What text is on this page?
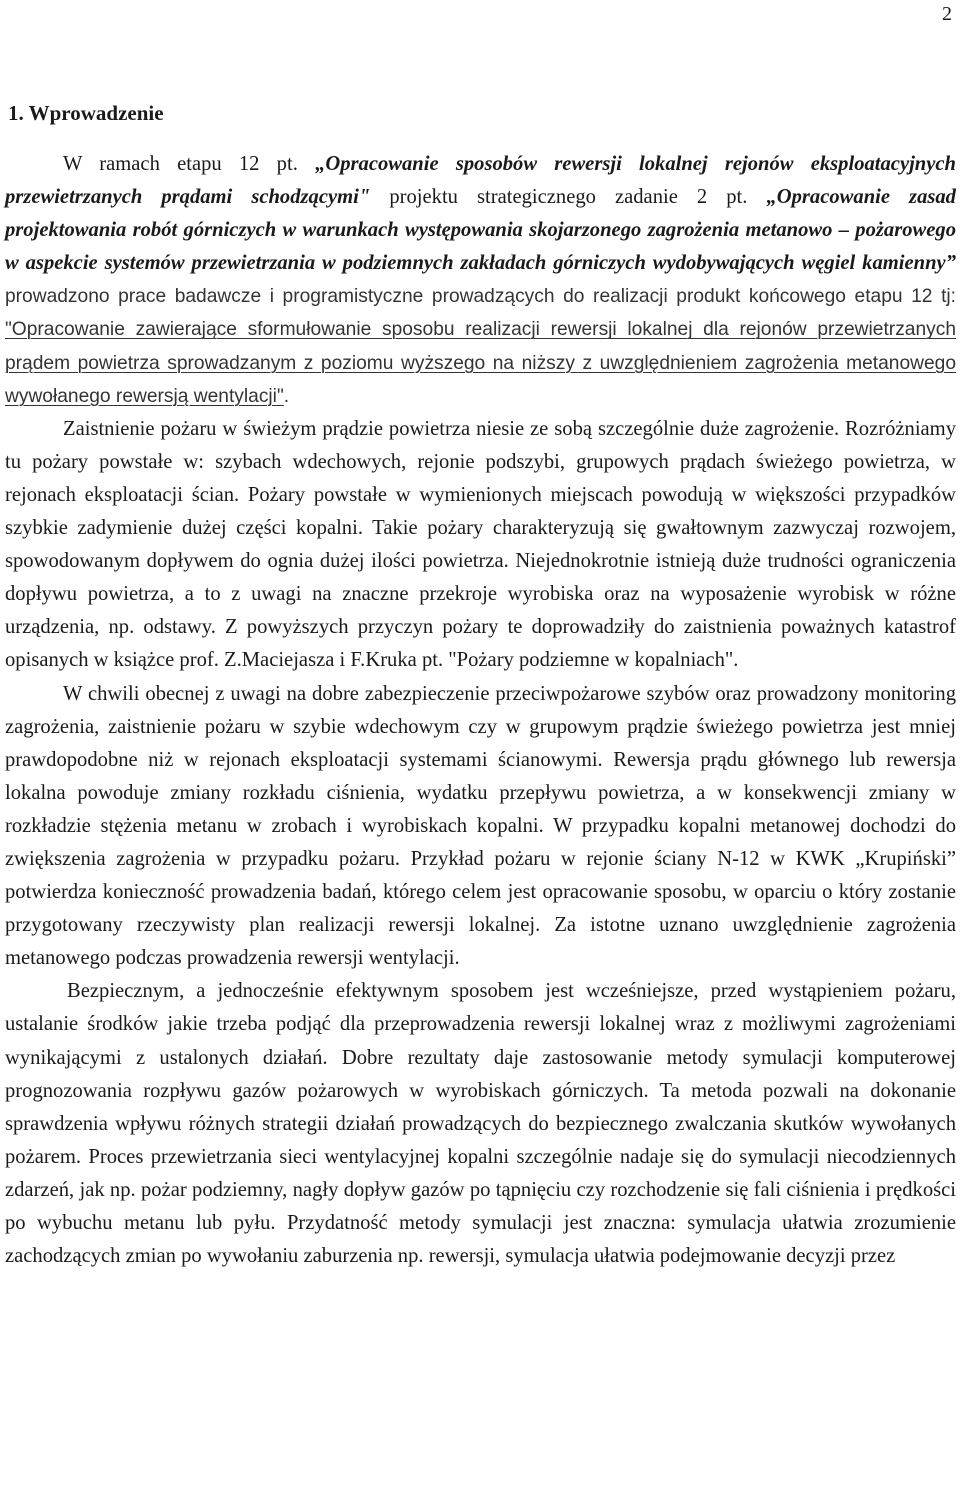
2
1. Wprowadzenie

W ramach etapu 12 pt. „Opracowanie sposobów rewersji lokalnej rejonów eksploatacyjnych przewietrzanych prądami schodzącymi" projektu strategicznego zadanie 2 pt. „Opracowanie zasad projektowania robót górniczych w warunkach występowania skojarzonego zagrożenia metanowo – pożarowego w aspekcie systemów przewietrzania w podziemnych zakładach górniczych wydobywających węgiel kamienny” prowadzono prace badawcze i programistyczne prowadzących do realizacji produkt końcowego etapu 12 tj: "Opracowanie zawierające sformułowanie sposobu realizacji rewersji lokalnej dla rejonów przewietrzanych prądem powietrza sprowadzanym z poziomu wyższego na niższy z uwzględnieniem zagrożenia metanowego wywołanego rewersją wentylacji".

Zaistnienie pożaru w świeżym prądzie powietrza niesie ze sobą szczególnie duże zagrożenie. Rozróżniamy tu pożary powstałe w: szybach wdechowych, rejonie podszybi, grupowych prądach świeżego powietrza, w rejonach eksploatacji ścian. Pożary powstałe w wymienionych miejscach powodują w większości przypadków szybkie zadymienie dużej części kopalni. Takie pożary charakteryzują się gwałtownym zazwyczaj rozwojem, spowodowanym dopływem do ognia dużej ilości powietrza. Niejednokrotnie istnieją duże trudności ograniczenia dopływu powietrza, a to z uwagi na znaczne przekroje wyrobiska oraz na wyposażenie wyrobisk w różne urządzenia, np. odstawy. Z powyższych przyczyn pożary te doprowadziły do zaistnienia poważnych katastrof opisanych w książce prof. Z.Maciejasza i F.Kruka pt. "Pożary podziemne w kopalniach".

W chwili obecnej z uwagi na dobre zabezpieczenie przeciwpożarowe szybów oraz prowadzony monitoring zagrożenia, zaistnienie pożaru w szybie wdechowym czy w grupowym prądzie świeżego powietrza jest mniej prawdopodobne niż w rejonach eksploatacji systemami ścianowymi. Rewersja prądu głównego lub rewersja lokalna powoduje zmiany rozkładu ciśnienia, wydatku przepływu powietrza, a w konsekwencji zmiany w rozkładzie stężenia metanu w zrobach i wyrobiskach kopalni. W przypadku kopalni metanowej dochodzi do zwiększenia zagrożenia w przypadku pożaru. Przykład pożaru w rejonie ściany N-12 w KWK „Krupiński” potwierdza konieczność prowadzenia badań, którego celem jest opracowanie sposobu, w oparciu o który zostanie przygotowany rzeczywisty plan realizacji rewersji lokalnej. Za istotne uznano uwzględnienie zagrożenia metanowego podczas prowadzenia rewersji wentylacji.

Bezpiecznym, a jednocześnie efektywnym sposobem jest wcześniejsze, przed wystąpieniem pożaru, ustalanie środków jakie trzeba podjąć dla przeprowadzenia rewersji lokalnej wraz z możliwymi zagrożeniami wynikającymi z ustalonych działań. Dobre rezultaty daje zastosowanie metody symulacji komputerowej prognozowania rozpływu gazów pożarowych w wyrobiskach górniczych. Ta metoda pozwali na dokonanie sprawdzenia wpływu różnych strategii działań prowadzących do bezpiecznego zwalczania skutków wywołanych pożarem. Proces przewietrzania sieci wentylacyjnej kopalni szczególnie nadaje się do symulacji niecodziennych zdarzeń, jak np. pożar podziemny, nagły dopływ gazów po tąpnięciu czy rozchodzenie się fali ciśnienia i prędkości po wybuchu metanu lub pyłu. Przydatność metody symulacji jest znaczna: symulacja ułatwia zrozumienie zachodzących zmian po wywołaniu zaburzenia np. rewersji, symulacja ułatwia podejmowanie decyzji przez
